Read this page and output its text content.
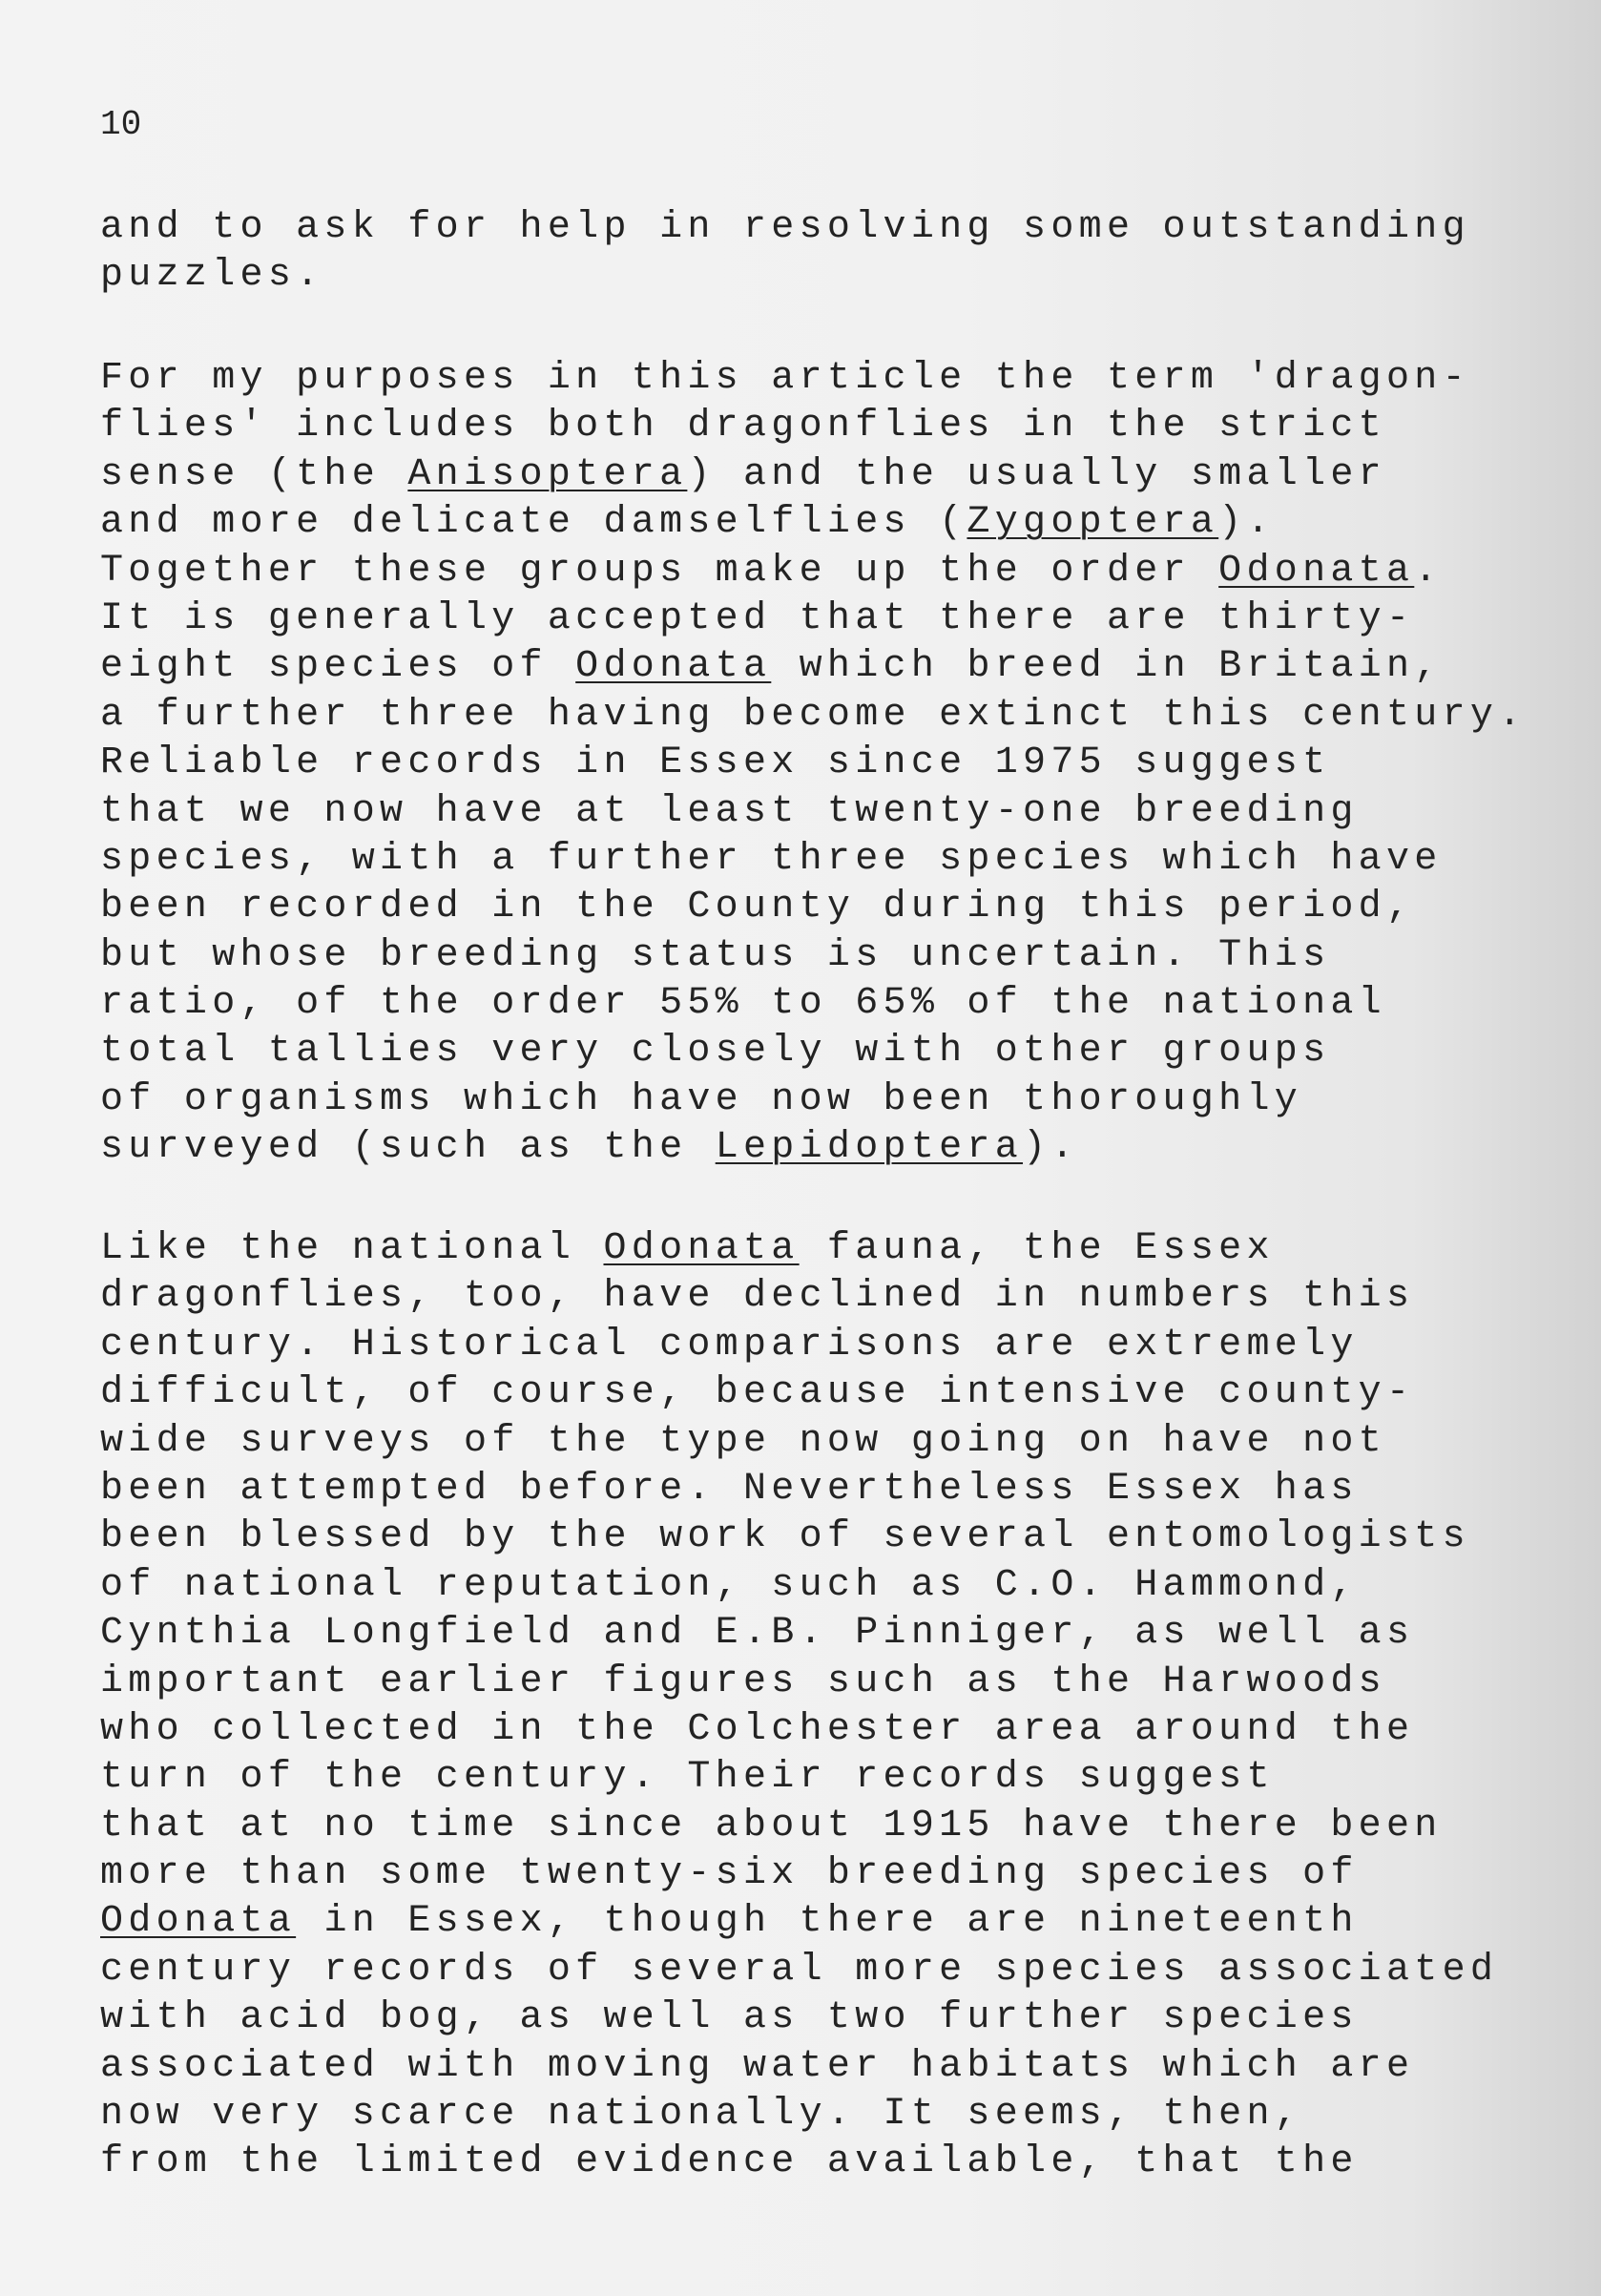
10
and to ask for help in resolving some outstanding
puzzles.
For my purposes in this article the term 'dragon-
flies' includes both dragonflies in the strict
sense (the Anisoptera) and the usually smaller
and more delicate damselflies (Zygoptera).
Together these groups make up the order Odonata.
It is generally accepted that there are thirty-
eight species of Odonata which breed in Britain,
a further three having become extinct this century.
Reliable records in Essex since 1975 suggest
that we now have at least twenty-one breeding
species, with a further three species which have
been recorded in the County during this period,
but whose breeding status is uncertain. This
ratio, of the order 55% to 65% of the national
total tallies very closely with other groups
of organisms which have now been thoroughly
surveyed (such as the Lepidoptera).
Like the national Odonata fauna, the Essex
dragonflies, too, have declined in numbers this
century. Historical comparisons are extremely
difficult, of course, because intensive county-
wide surveys of the type now going on have not
been attempted before. Nevertheless Essex has
been blessed by the work of several entomologists
of national reputation, such as C.O. Hammond,
Cynthia Longfield and E.B. Pinniger, as well as
important earlier figures such as the Harwoods
who collected in the Colchester area around the
turn of the century. Their records suggest
that at no time since about 1915 have there been
more than some twenty-six breeding species of
Odonata in Essex, though there are nineteenth
century records of several more species associated
with acid bog, as well as two further species
associated with moving water habitats which are
now very scarce nationally. It seems, then,
from the limited evidence available, that the
